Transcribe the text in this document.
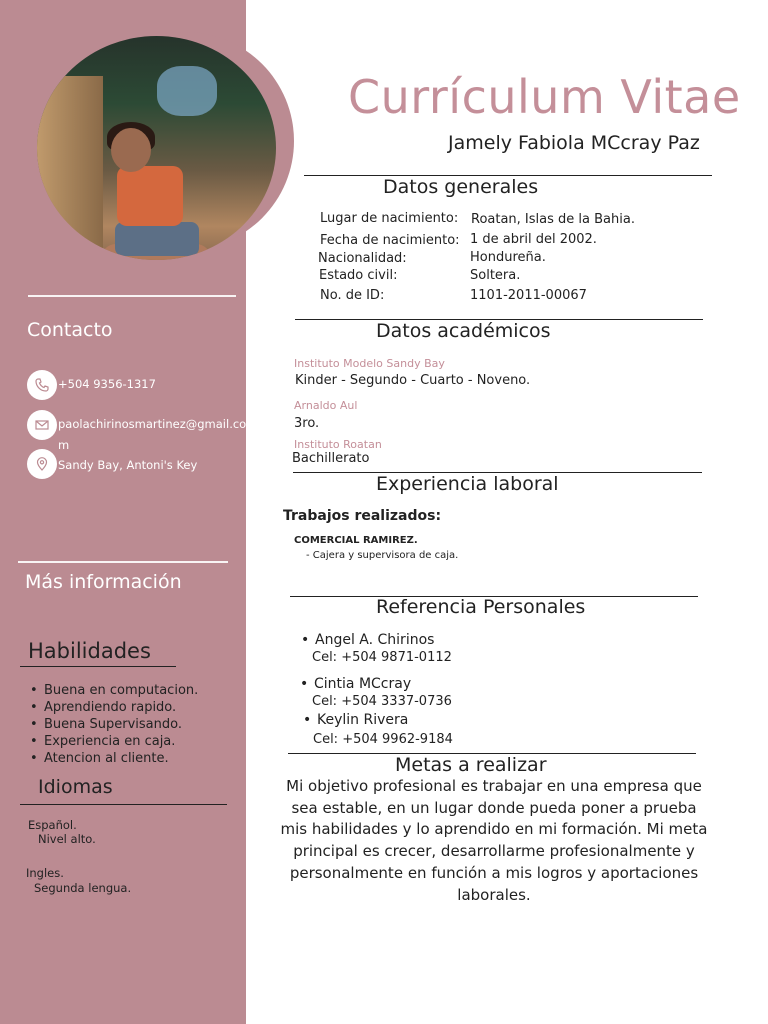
Contacto
+504 9356-1317
paolachirinosmartinez@gmail.co
m
Sandy Bay, Antoni's Key
Más información
Habilidades
• Buena en computacion.
• Aprendiendo rapido.
• Buena Supervisando.
• Experiencia en caja.
• Atencion al cliente.
Idiomas
Español.
Nivel alto.
Ingles.
Segunda lengua.
Currículum Vitae
Jamely Fabiola MCcray Paz
Datos generales
Lugar de nacimiento: Roatan, Islas de la Bahia.
Fecha de nacimiento: 1 de abril del 2002.
Nacionalidad:	Hondureña.
Estado civil:	Soltera.
No. de ID:	1101-2011-00067
Datos académicos
Instituto Modelo Sandy Bay
Kinder - Segundo - Cuarto - Noveno.
Arnaldo Aul
3ro.
Instituto Roatan
Bachillerato
Experiencia laboral
Trabajos realizados:
COMERCIAL RAMIREZ.
- Cajera y supervisora de caja.
Referencia Personales
• Angel A. Chirinos
Cel: +504 9871-0112
• Cintia MCcray
Cel: +504 3337-0736
• Keylin Rivera
Cel: +504 9962-9184
Metas a realizar
Mi objetivo profesional es trabajar en una empresa que sea estable, en un lugar donde pueda poner a prueba mis habilidades y lo aprendido en mi formación. Mi meta principal es crecer, desarrollarme profesionalmente y personalmente en función a mis logros y aportaciones laborales.
